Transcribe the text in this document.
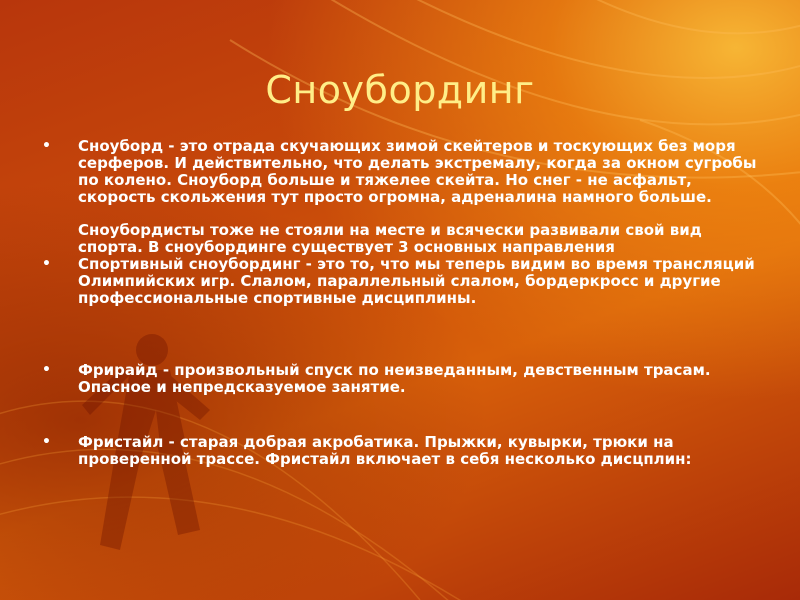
Сноубординг
• Сноуборд - это отрада скучающих зимой скейтеров и тоскующих без моря серферов. И действительно, что делать экстремалу, когда за окном сугробы по колено. Сноуборд больше и тяжелее скейта. Но снег - не асфальт, скорость скольжения тут просто огромна, адреналина намного больше.
Сноубордисты тоже не стояли на месте и всячески развивали свой вид спорта. В сноубординге существует 3 основных направления
• Спортивный сноубординг - это то, что мы теперь видим во время трансляций Олимпийских игр. Слалом, параллельный слалом, бордеркросс и другие профессиональные спортивные дисциплины.
• Фрирайд - произвольный спуск по неизведанным, девственным трасам. Опасное и непредсказуемое занятие.
• Фристайл - старая добрая акробатика. Прыжки, кувырки, трюки на проверенной трассе. Фристайл включает в себя несколько дисцплин:
